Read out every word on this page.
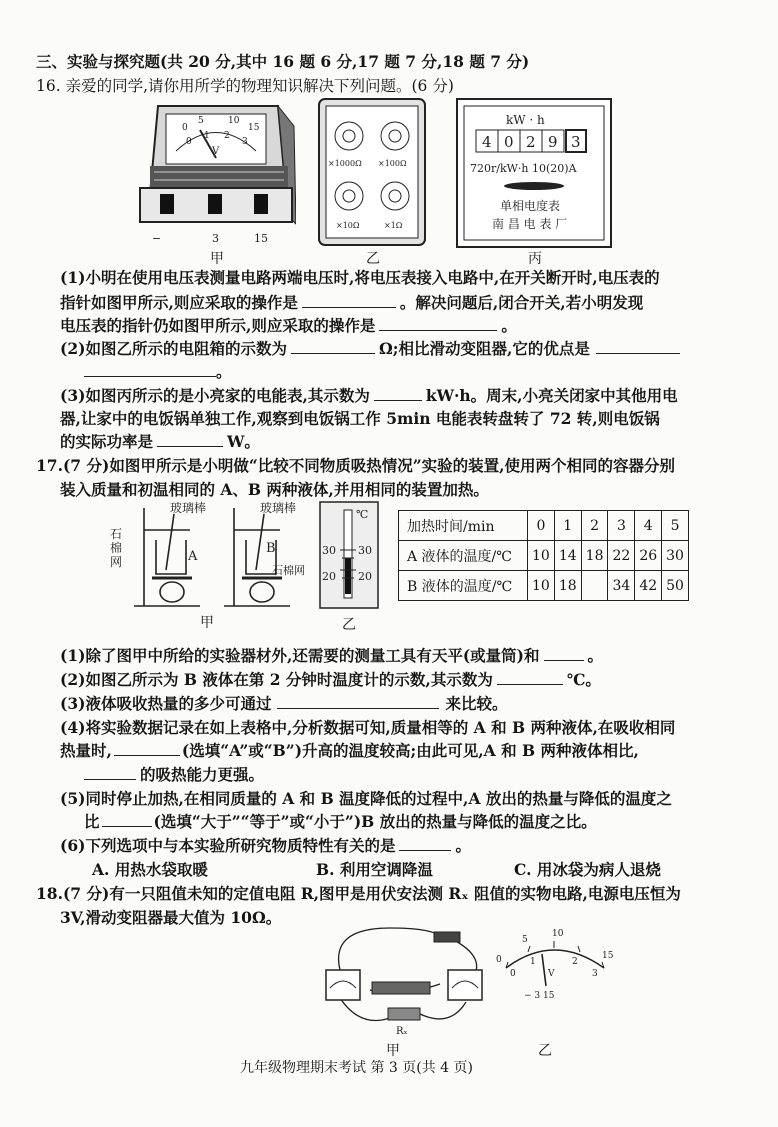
三、实验与探究题(共 20 分,其中 16 题 6 分,17 题 7 分,18 题 7 分)
16. 亲爱的同学,请你用所学的物理知识解决下列问题。(6 分)
0
5	10
15
0
1 2
3
V
−	3	15
甲
×1000Ω ×100Ω
×10Ω	×1Ω
乙
kW · h
4 0 2 9 3
720r/kW·h 10(20)A
单相电度表
南 昌 电 表 厂
丙
(1)小明在使用电压表测量电路两端电压时,将电压表接入电路中,在开关断开时,电压表的
指针如图甲所示,则应采取的操作是	。解决问题后,闭合开关,若小明发现
电压表的指针仍如图甲所示,则应采取的操作是	。
(2)如图乙所示的电阻箱的示数为	Ω;相比滑动变阻器,它的优点是
。
(3)如图丙所示的是小亮家的电能表,其示数为	kW·h。周末,小亮关闭家中其他用电
器,让家中的电饭锅单独工作,观察到电饭锅工作 5min 电能表转盘转了 72 转,则电饭锅
的实际功率是	W。
17.(7 分)如图甲所示是小明做“比较不同物质吸热情况”实验的装置,使用两个相同的容器分别
装入质量和初温相同的 A、B 两种液体,并用相同的装置加热。
玻璃棒	玻璃棒
石
棉
网	A
B
石棉网
甲
℃
30 30
20 20
乙
加热时间/min	0	1	2	3	4	5
A 液体的温度/℃	10	14	18	22	26	30
B 液体的温度/℃	10	18		34	42	50
(1)除了图甲中所给的实验器材外,还需要的测量工具有天平(或量筒)和	。
(2)如图乙所示为 B 液体在第 2 分钟时温度计的示数,其示数为	℃。
(3)液体吸收热量的多少可通过	来比较。
(4)将实验数据记录在如上表格中,分析数据可知,质量相等的 A 和 B 两种液体,在吸收相同
热量时,	(选填“A”或“B”)升高的温度较高;由此可见,A 和 B 两种液体相比,
的吸热能力更强。
(5)同时停止加热,在相同质量的 A 和 B 温度降低的过程中,A 放出的热量与降低的温度之
比	(选填“大于”“等于”或“小于”)B 放出的热量与降低的温度之比。
(6)下列选项中与本实验所研究物质特性有关的是	。
A. 用热水袋取暖	B. 利用空调降温	C. 用冰袋为病人退烧
18.(7 分)有一只阻值未知的定值电阻 R,图甲是用伏安法测 Rₓ 阻值的实物电路,电源电压恒为
3V,滑动变阻器最大值为 10Ω。
Rₓ
甲
0
5
10
15
0
1	2
3
V
− 3 15
乙
九年级物理期末考试 第 3 页(共 4 页)
